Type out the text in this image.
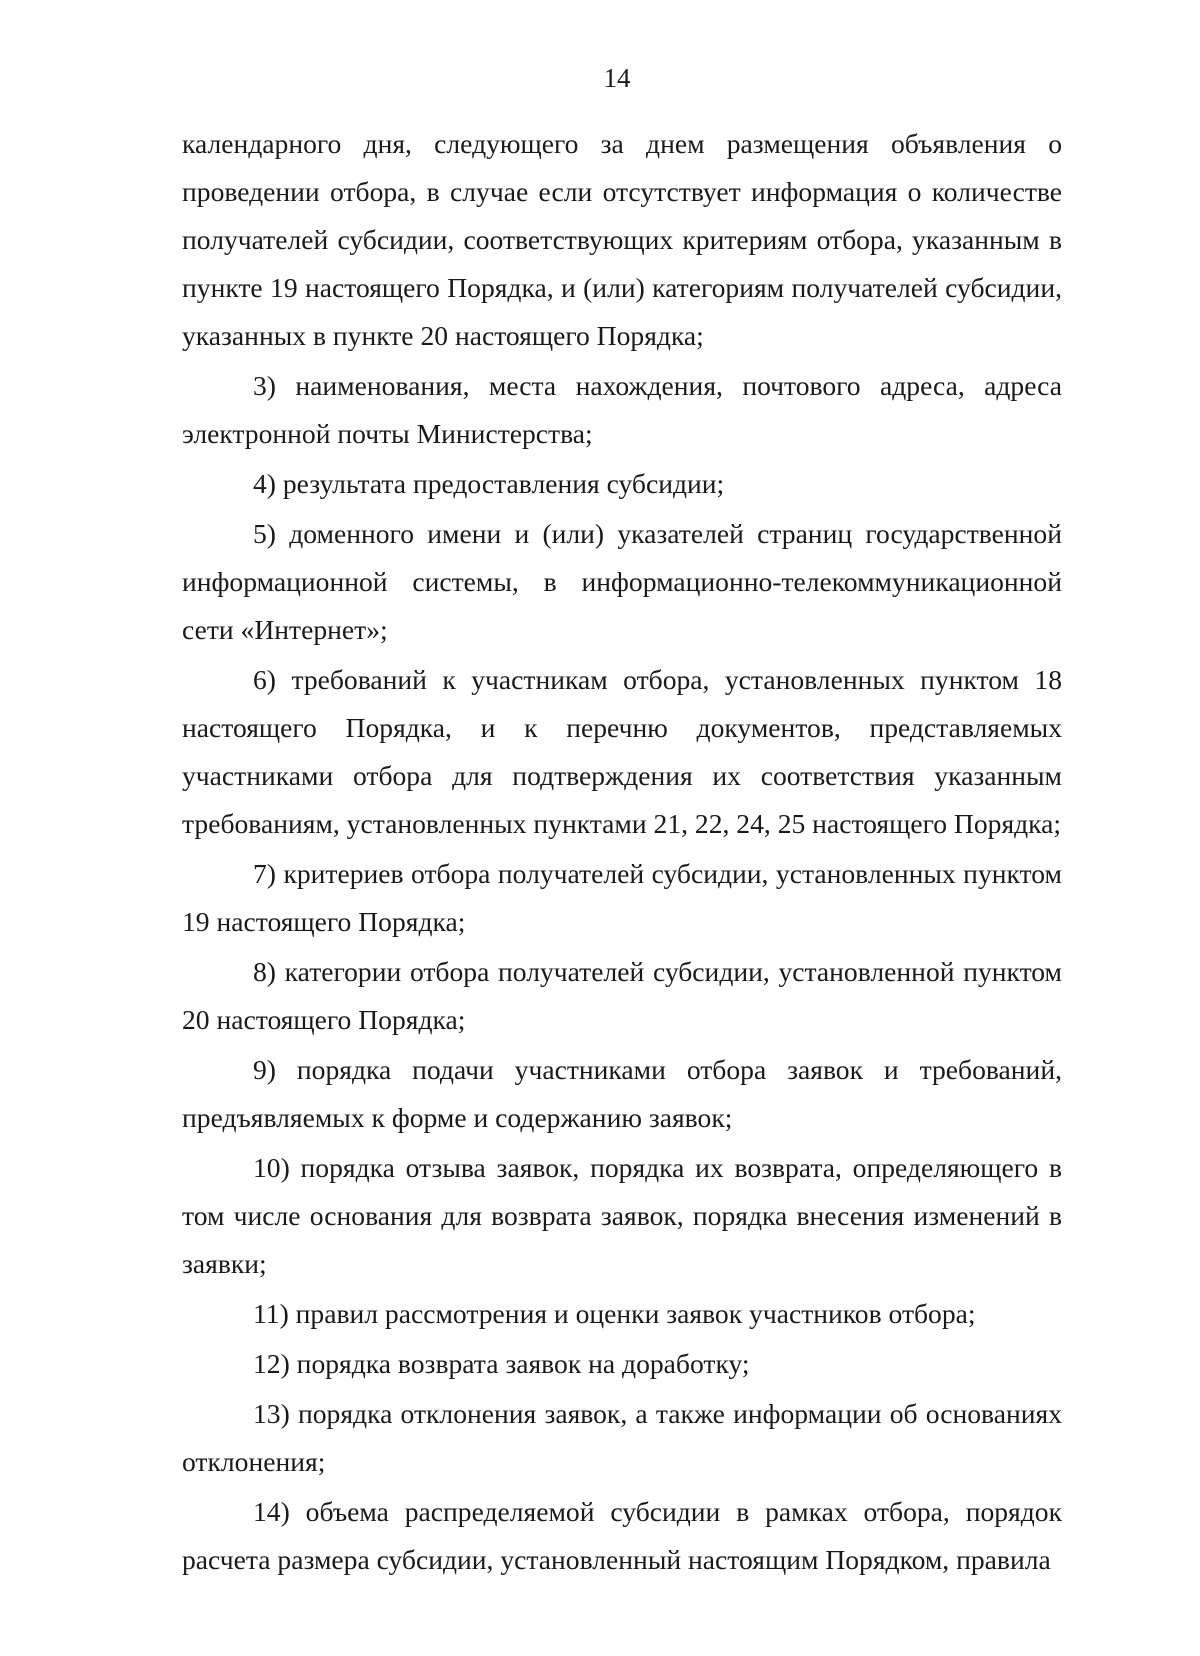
14

календарного дня, следующего за днем размещения объявления о проведении отбора, в случае если отсутствует информация о количестве получателей субсидии, соответствующих критериям отбора, указанным в пункте 19 настоящего Порядка, и (или) категориям получателей субсидии, указанных в пункте 20 настоящего Порядка;

3) наименования, места нахождения, почтового адреса, адреса электронной почты Министерства;

4) результата предоставления субсидии;

5) доменного имени и (или) указателей страниц государственной информационной системы, в информационно-телекоммуникационной сети «Интернет»;

6) требований к участникам отбора, установленных пунктом 18 настоящего Порядка, и к перечню документов, представляемых участниками отбора для подтверждения их соответствия указанным требованиям, установленных пунктами 21, 22, 24, 25 настоящего Порядка;

7) критериев отбора получателей субсидии, установленных пунктом 19 настоящего Порядка;

8) категории отбора получателей субсидии, установленной пунктом 20 настоящего Порядка;

9) порядка подачи участниками отбора заявок и требований, предъявляемых к форме и содержанию заявок;

10) порядка отзыва заявок, порядка их возврата, определяющего в том числе основания для возврата заявок, порядка внесения изменений в заявки;

11) правил рассмотрения и оценки заявок участников отбора;

12) порядка возврата заявок на доработку;

13) порядка отклонения заявок, а также информации об основаниях отклонения;

14) объема распределяемой субсидии в рамках отбора, порядок расчета размера субсидии, установленный настоящим Порядком, правила
